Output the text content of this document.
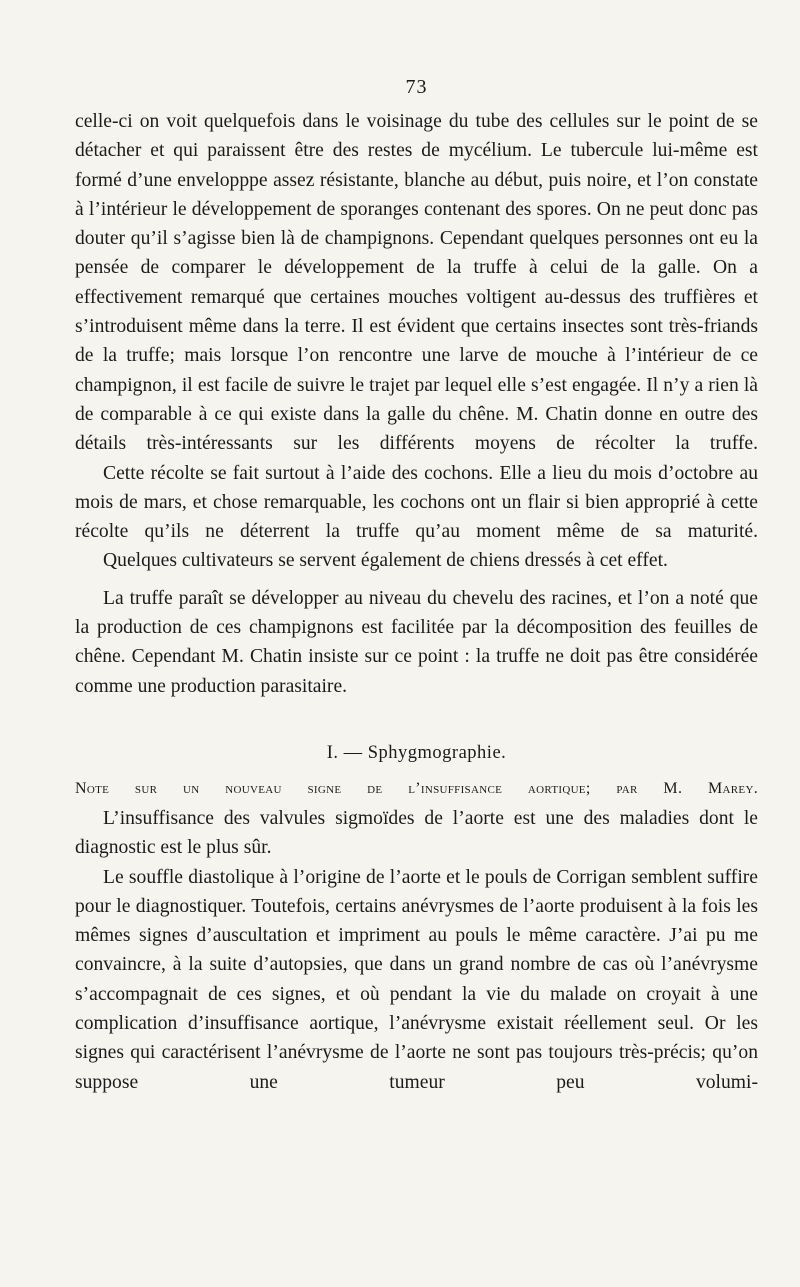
73

celle-ci on voit quelquefois dans le voisinage du tube des cellules sur le point de se détacher et qui paraissent être des restes de mycélium. Le tubercule lui-même est formé d’une envelopppe assez résistante, blanche au début, puis noire, et l’on constate à l’intérieur le développement de sporanges contenant des spores. On ne peut donc pas douter qu’il s’agisse bien là de champignons. Cependant quelques personnes ont eu la pensée de comparer le développement de la truffe à celui de la galle. On a effectivement remarqué que certaines mouches voltigent au-dessus des truffières et s’introduisent même dans la terre. Il est évident que certains insectes sont très-friands de la truffe; mais lorsque l’on rencontre une larve de mouche à l’intérieur de ce champignon, il est facile de suivre le trajet par lequel elle s’est engagée. Il n’y a rien là de comparable à ce qui existe dans la galle du chêne. M. Chatin donne en outre des détails très-intéressants sur les différents moyens de récolter la truffe.

Cette récolte se fait surtout à l’aide des cochons. Elle a lieu du mois d’octobre au mois de mars, et chose remarquable, les cochons ont un flair si bien approprié à cette récolte qu’ils ne déterrent la truffe qu’au moment même de sa maturité.

Quelques cultivateurs se servent également de chiens dressés à cet effet.

La truffe paraît se développer au niveau du chevelu des racines, et l’on a noté que la production de ces champignons est facilitée par la décomposition des feuilles de chêne. Cependant M. Chatin insiste sur ce point : la truffe ne doit pas être considérée comme une production parasitaire.

I. — Sphygmographie.

Note sur un nouveau signe de l’insuffisance aortique; par M. Marey.

L’insuffisance des valvules sigmoïdes de l’aorte est une des maladies dont le diagnostic est le plus sûr.

Le souffle diastolique à l’origine de l’aorte et le pouls de Corrigan semblent suffire pour le diagnostiquer. Toutefois, certains anévrysmes de l’aorte produisent à la fois les mêmes signes d’auscultation et impriment au pouls le même caractère. J’ai pu me convaincre, à la suite d’autopsies, que dans un grand nombre de cas où l’anévrysme s’accompagnait de ces signes, et où pendant la vie du malade on croyait à une complication d’insuffisance aortique, l’anévrysme existait réellement seul. Or les signes qui caractérisent l’anévrysme de l’aorte ne sont pas toujours très-précis; qu’on suppose une tumeur peu volumi-
